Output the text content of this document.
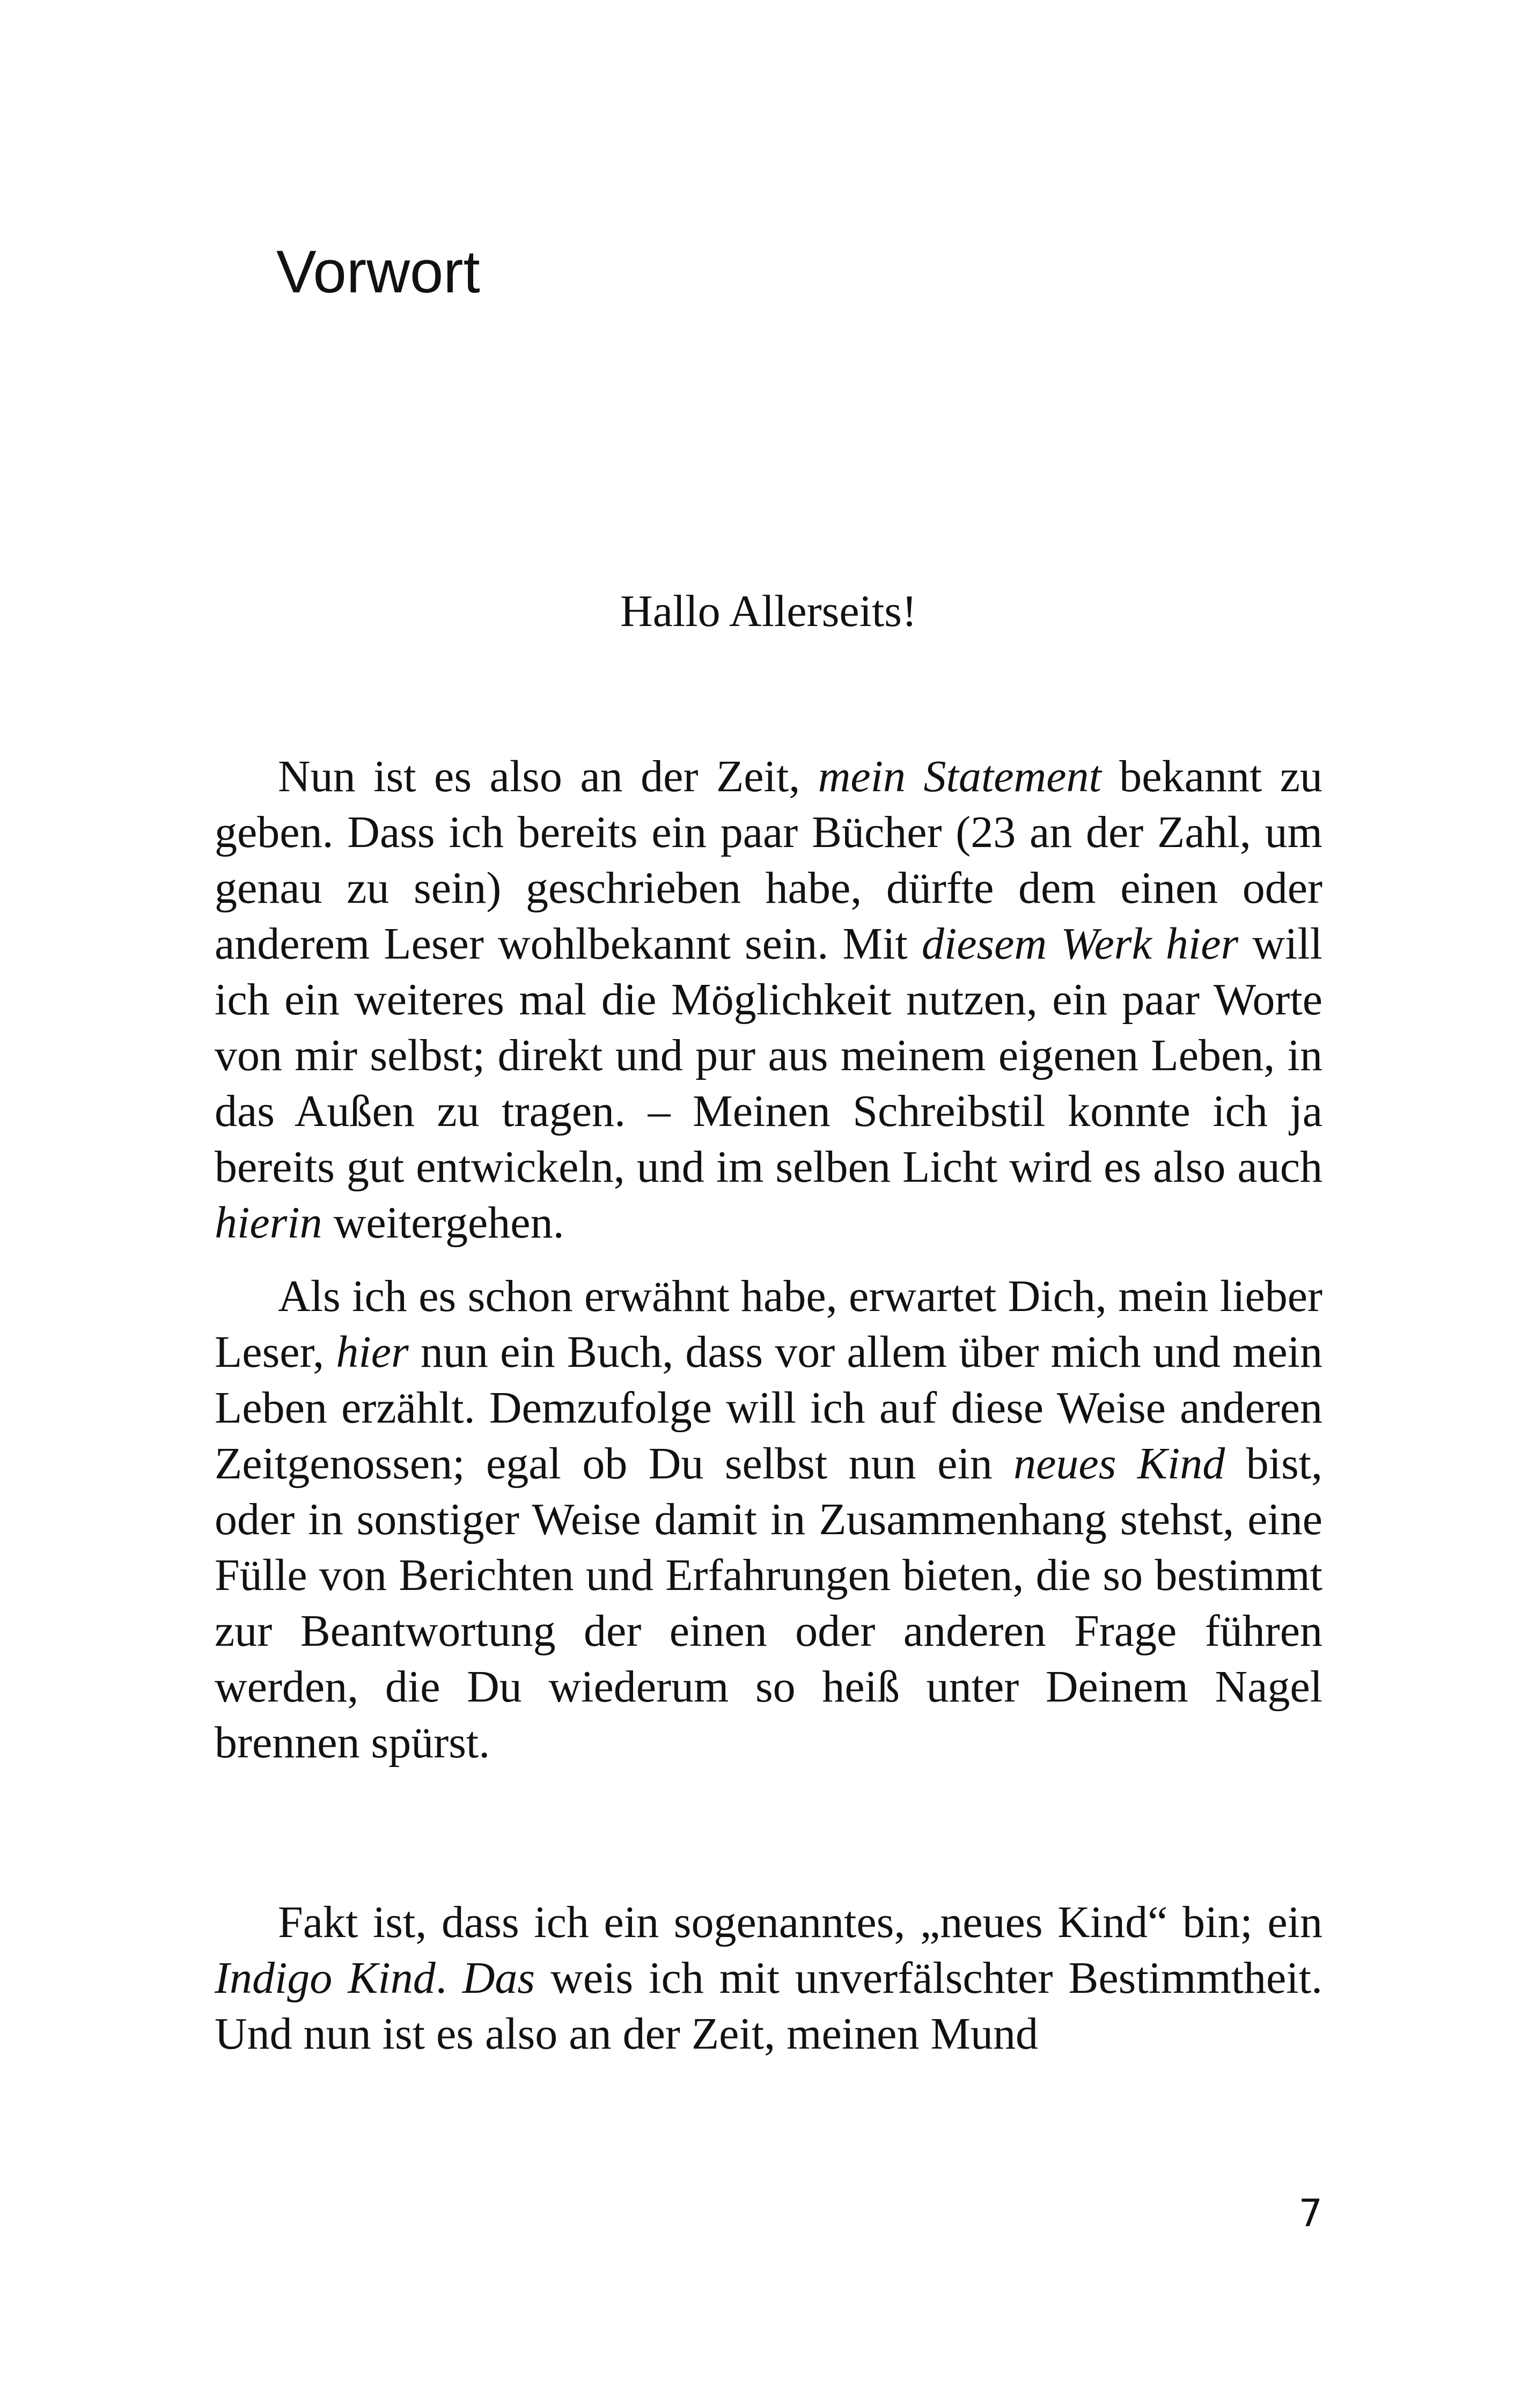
Vorwort

Hallo Allerseits!

Nun ist es also an der Zeit, mein Statement bekannt zu geben. Dass ich bereits ein paar Bücher (23 an der Zahl, um genau zu sein) geschrieben habe, dürfte dem einen oder anderem Leser wohlbekannt sein. Mit diesem Werk hier will ich ein weiteres mal die Möglichkeit nutzen, ein paar Worte von mir selbst; direkt und pur aus meinem eigenen Leben, in das Außen zu tragen. – Meinen Schreibstil konnte ich ja bereits gut entwickeln, und im selben Licht wird es also auch hierin weitergehen.

Als ich es schon erwähnt habe, erwartet Dich, mein lieber Leser, hier nun ein Buch, dass vor allem über mich und mein Leben erzählt. Demzufolge will ich auf diese Weise anderen Zeitgenossen; egal ob Du selbst nun ein neues Kind bist, oder in sonstiger Weise damit in Zusammenhang stehst, eine Fülle von Berichten und Erfahrungen bieten, die so bestimmt zur Beantwortung der einen oder anderen Frage führen werden, die Du wiederum so heiß unter Deinem Nagel brennen spürst.

Fakt ist, dass ich ein sogenanntes, „neues Kind“ bin; ein Indigo Kind. Das weis ich mit unverfälschter Bestimmtheit. Und nun ist es also an der Zeit, meinen Mund

7
